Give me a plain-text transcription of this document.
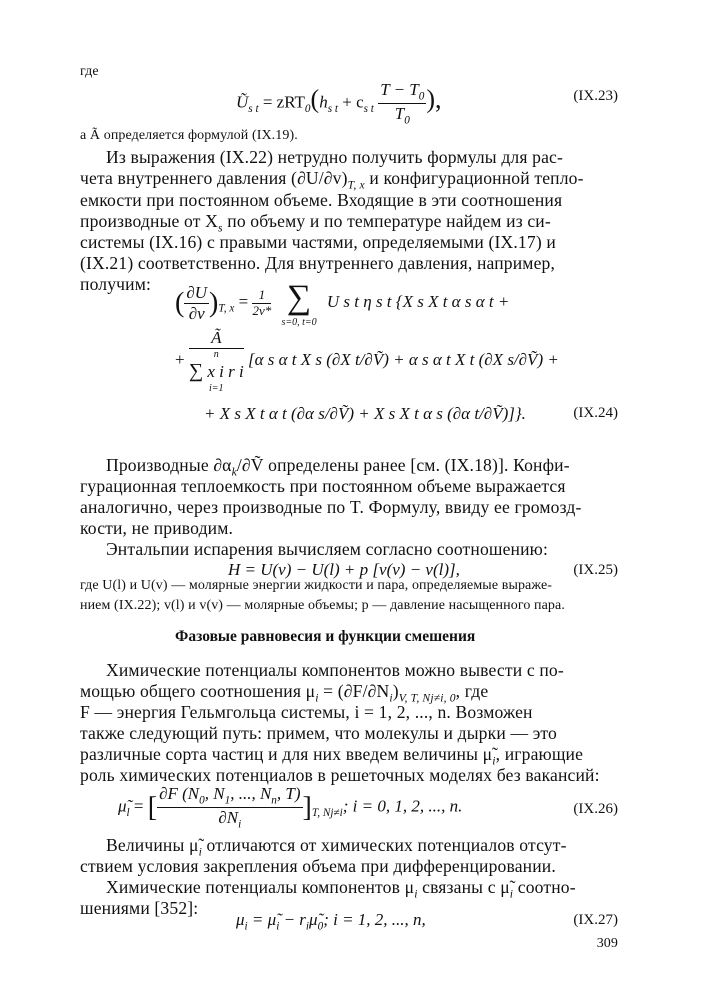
где
$Ũ_{s t} = zRT_0(h_{s t} + c_{s t} \frac{T - T_0}{T_0}$ ),	(IX.23)
а Ã определяется формулой (IX.19).
Из выражения (IX.22) нетрудно получить формулы для рас-
чета внутреннего давления $(\partial U/\partial v)_{T, x}$ и конфигурационной тепло-
емкости при постоянном объеме. Входящие в эти соотношения
производные от $X_s$ по объему и по температуре найдем из си-
системы (IX.16) с правыми частями, определяемыми (IX.17) и
(IX.21) соответственно. Для внутреннего давления, например,
получим:
( $\frac{\partial U}{\partial v} )_{T, x} = \frac{1}{2v*}$
∑
s=0, t=0
U s t η s t {X s X t α s α t +
+ Ã
n
∑ x i r i
i=1 [α s α t X s (∂X t/∂Ṽ) + α s α t X t (∂X s/∂Ṽ) +
+ X s X t α t (∂α s/∂Ṽ) + X s X t α s (∂α t/∂Ṽ)]}.	(IX.24)
Производные $\partial\alpha_k/\partial Ṽ$ определены ранее [см. (IX.18)]. Конфи-
гурационная теплоемкость при постоянном объеме выражается
аналогично, через производные по T. Формулу, ввиду ее громозд-
кости, не приводим.
Энтальпии испарения вычисляем согласно соотношению:
H = U(v) − U(l) + p [v(v) − v(l)],	(IX.25)
где U(l) и U(v) — молярные энергии жидкости и пара, определяемые выраже-
нием (IX.22); v(l) и v(v) — молярные объемы; p — давление насыщенного пара.
Фазовые равновесия и функции смешения
Химические потенциалы компонентов можно вывести с по-
мощью общего соотношения $\mu_i = (\partial F/\partial N_i)_{V, T, Nj\ne i, 0}$, где
F — энергия Гельмгольца системы, i = 1, 2, ..., n. Возможен
также следующий путь: примем, что молекулы и дырки — это
различные сорта частиц и для них введем величины $\mũ_i$, играющие
роль химических потенциалов в решеточных моделях без вакансий:
$\mũ_l$ = [ $\frac{\partial F (N_0, N_1, ..., N_n, T)}{\partial N_i} ]_{T, Nj\ne i}$; i = 0, 1, 2, ..., n.	(IX.26)
Величины $\mũ_i$ отличаются от химических потенциалов отсут-
ствием условия закрепления объема при дифференцировании.
Химические потенциалы компонентов $\mu_i$ связаны с $\mũ_i$ соотно-
шениями [352]:
$\mu_i$ = $\mũ_i$ − $r_i\mũ_0$; i = 1, 2, ..., n,	(IX.27)
309
